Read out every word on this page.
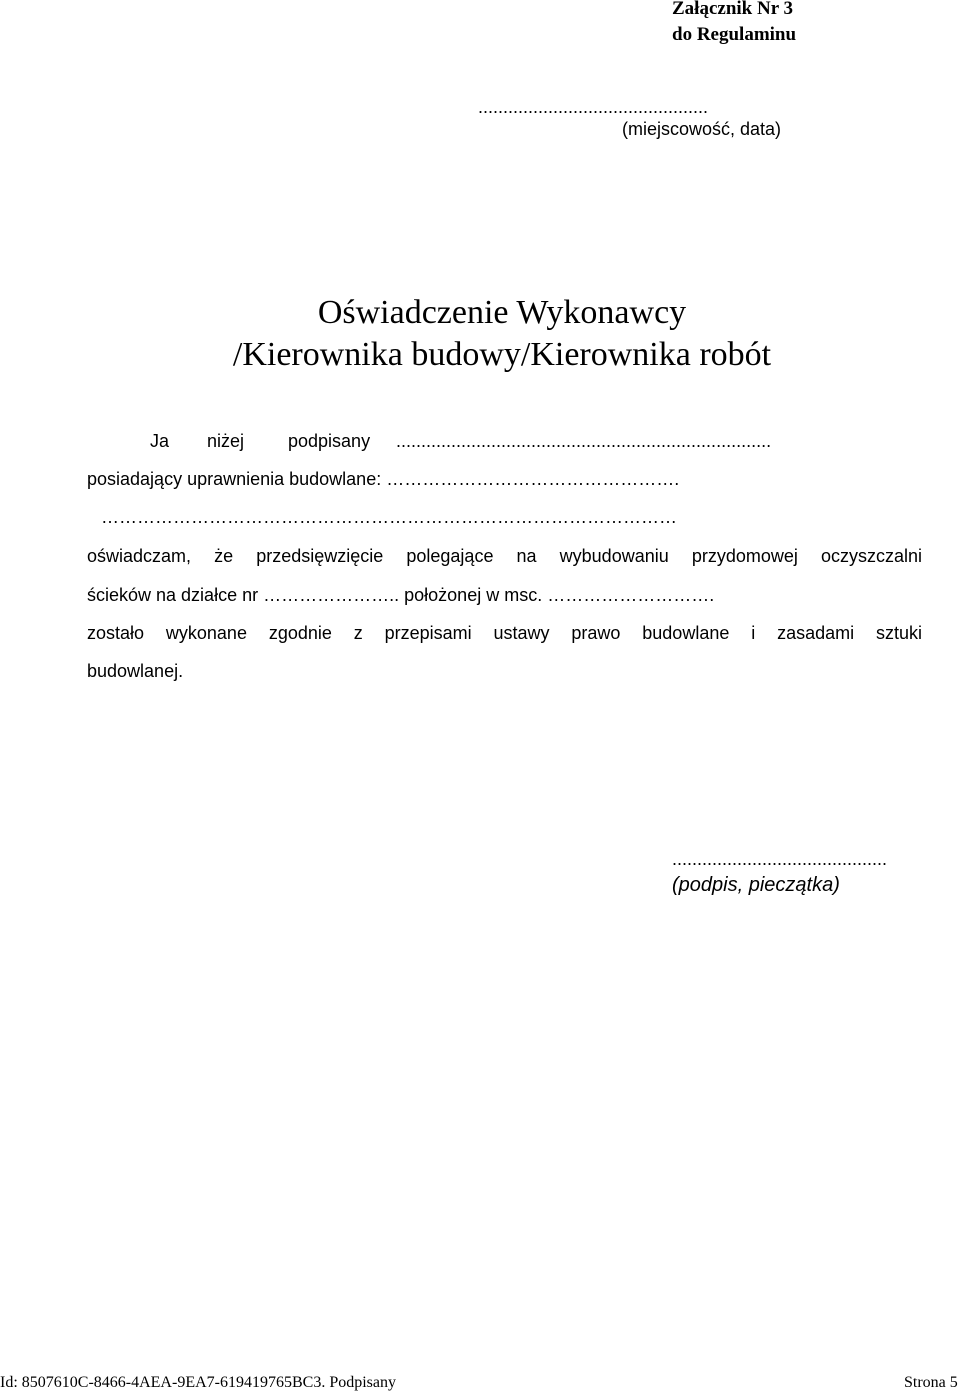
Załącznik Nr 3
do Regulaminu
..............................................
(miejscowość, data)
Oświadczenie Wykonawcy
/Kierownika budowy/Kierownika robót
Ja niżej podpisany ...........................................................................
posiadający uprawnienia budowlane: ………………………………………….
……………………………………………………………………………………
oświadczam, że przedsięwzięcie polegające na wybudowaniu przydomowej oczyszczalni
ścieków na działce nr ………………….. położonej w msc. ……………………….
zostało wykonane zgodnie z przepisami ustawy prawo budowlane i zasadami sztuki
budowlanej.
...........................................
(podpis, pieczątka)
Id: 8507610C-8466-4AEA-9EA7-619419765BC3. Podpisany	Strona 5
